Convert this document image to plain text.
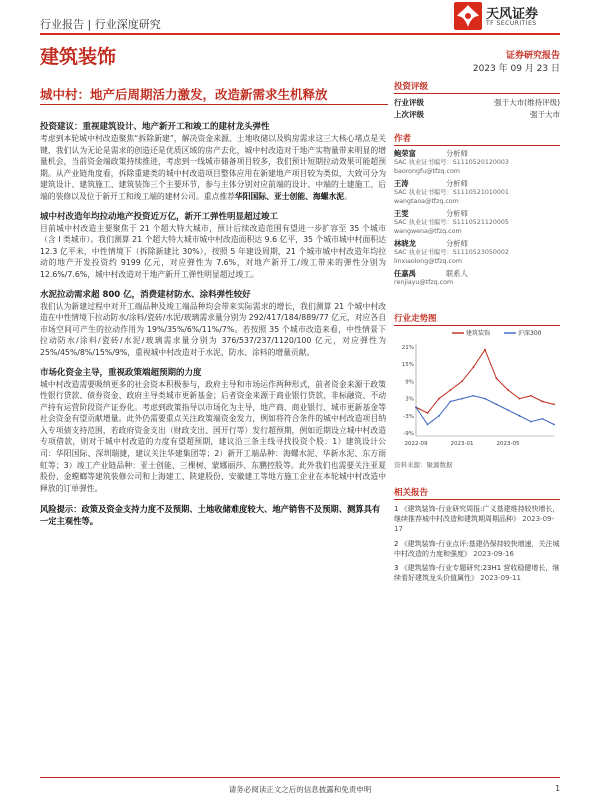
行业报告 | 行业深度研究
天风证券
TF SECURITIES
建筑装饰	证券研究报告
2023 年 09 月 23 日
城中村：地产后周期活力激发，改造新需求生机释放
投资建议：重视建筑设计、地产新开工和竣工的建材龙头弹性
考虑到本轮城中村改造聚焦“拆除新建”，解决资金来源、土地收储以及购房需求这三大核心堵点是关键，我们认为无论是需求的创造还是优质区域的房产去化，城中村改造对于地产实物量带来明显的增量机会，当前资金端政策持续推进，考虑到一线城市储备项目较多，我们预计短期拉动效果可能超预期。从产业链角度看，拆除重建类的城中村改造项目整体应用在新建地产项目较为类似，大致可分为建筑设计、建筑施工、建筑装饰三个主要环节，参与主体分别对应前端的设计、中端的土建施工、后端的装修以及位于新开工和竣工端的建材公司。重点推荐华阳国际、亚士创能、海螺水泥。
城中村改造年均拉动地产投资近万亿，新开工弹性明显超过竣工
目前城中村改造主要聚焦于 21 个超大特大城市，预计后续改造范围有望进一步扩容至 35 个城市（含 I 类城市）。我们测算 21 个超大特大城市城中村改造面积达 9.6 亿平，35 个城市城中村面积达 12.3 亿平米，中性情境下（拆除新建比 30%），按照 5 年建设周期，21 个城市城中村改造年均拉动的地产开发投资约 9199 亿元，对应弹性为 7.6%，对地产新开工/竣工带来的弹性分别为 12.6%/7.6%，城中村改造对于地产新开工弹性明显超过竣工。
水泥拉动需求超 800 亿，消费建材防水、涂料弹性较好
我们认为新建过程中对开工端品种及竣工端品种均会带来实际需求的增长，我们测算 21 个城中村改造在中性情境下拉动防水/涂料/瓷砖/水泥/玻璃需求量分别为 292/417/184/889/77 亿元，对应各自市场空间可产生的拉动作用为 19%/35%/6%/11%/7%。若按照 35 个城市改造来看，中性情景下拉动防水/涂料/瓷砖/水泥/玻璃需求量分别为 376/537/237/1120/100 亿元，对应弹性为 25%/45%/8%/15%/9%，重视城中村改造对于水泥、防水、涂料的增量贡献。
市场化资金主导，重视政策端超预期的力度
城中村改造需要吸纳更多的社会资本积极参与，政府主导和市场运作两种形式，前者资金来源于政策性银行贷款、债券资金、政府主导类城市更新基金；后者资金来源于商业银行贷款、非标融资、不动产持有运营阶段资产证券化。考虑到政策指导以市场化为主导，地产商、商业银行、城市更新基金等社会资金有望贡献增量。此外仍需要重点关注政策端资金发力，例如将符合条件的城中村改造项目纳入专项债支持范围，若政府资金支出（财政支出、国开行等）发行超预期，例如近期设立城中村改造专项借款，则对于城中村改造的力度有望超预期，建议沿三条主线寻找投资个股：1）建筑设计公司：华阳国际、深圳瑞捷，建议关注华建集团等；2）新开工端品种：海螺水泥、华新水泥、东方雨虹等；3）竣工产业链品种：亚士创能、三棵树、蒙娜丽莎、东鹏控股等。此外我们也需要关注亚夏股份、金螳螂等建筑装修公司和上海建工、陕建股份、安徽建工等地方施工企业在本轮城中村改造中释放的订单弹性。
风险提示：政策及资金支持力度不及预期、土地收储难度较大、地产销售不及预期、测算具有一定主观性等。
投资评级
行业评级	强于大市(维持评级)
上次评级	强于大市
作者
鲍荣富	分析师
SAC 执业证书编号：S1110520120003
baorongfu@tfzq.com
王涛	分析师
SAC 执业证书编号：S1110521010001
wangtaoa@tfzq.com
王雯	分析师
SAC 执业证书编号：S1110521120005
wangwena@tfzq.com
林晓龙	分析师
SAC 执业证书编号：S1110523050002
linxiaolong@tfzq.com
任嘉禹	联系人
renjiayu@tfzq.com
行业走势图
21%
15%
9%
3%
-3%
-9%
2022-09	2023-01	2023-05
建筑装饰	沪深300
资料来源：聚源数据
相关报告
1 《建筑装饰-行业研究周报:广义基建维持较快增长，继续推荐城中村改造和建筑期周期品种》 2023-09-17
2 《建筑装饰-行业点评:基建仍保持较快增速，关注城中村改造的力度和强度》 2023-09-16
3 《建筑装饰-行业专题研究:23H1 营收稳健增长，继续看好建筑龙头价值属性》 2023-09-11
请务必阅读正文之后的信息披露和免责申明	1
